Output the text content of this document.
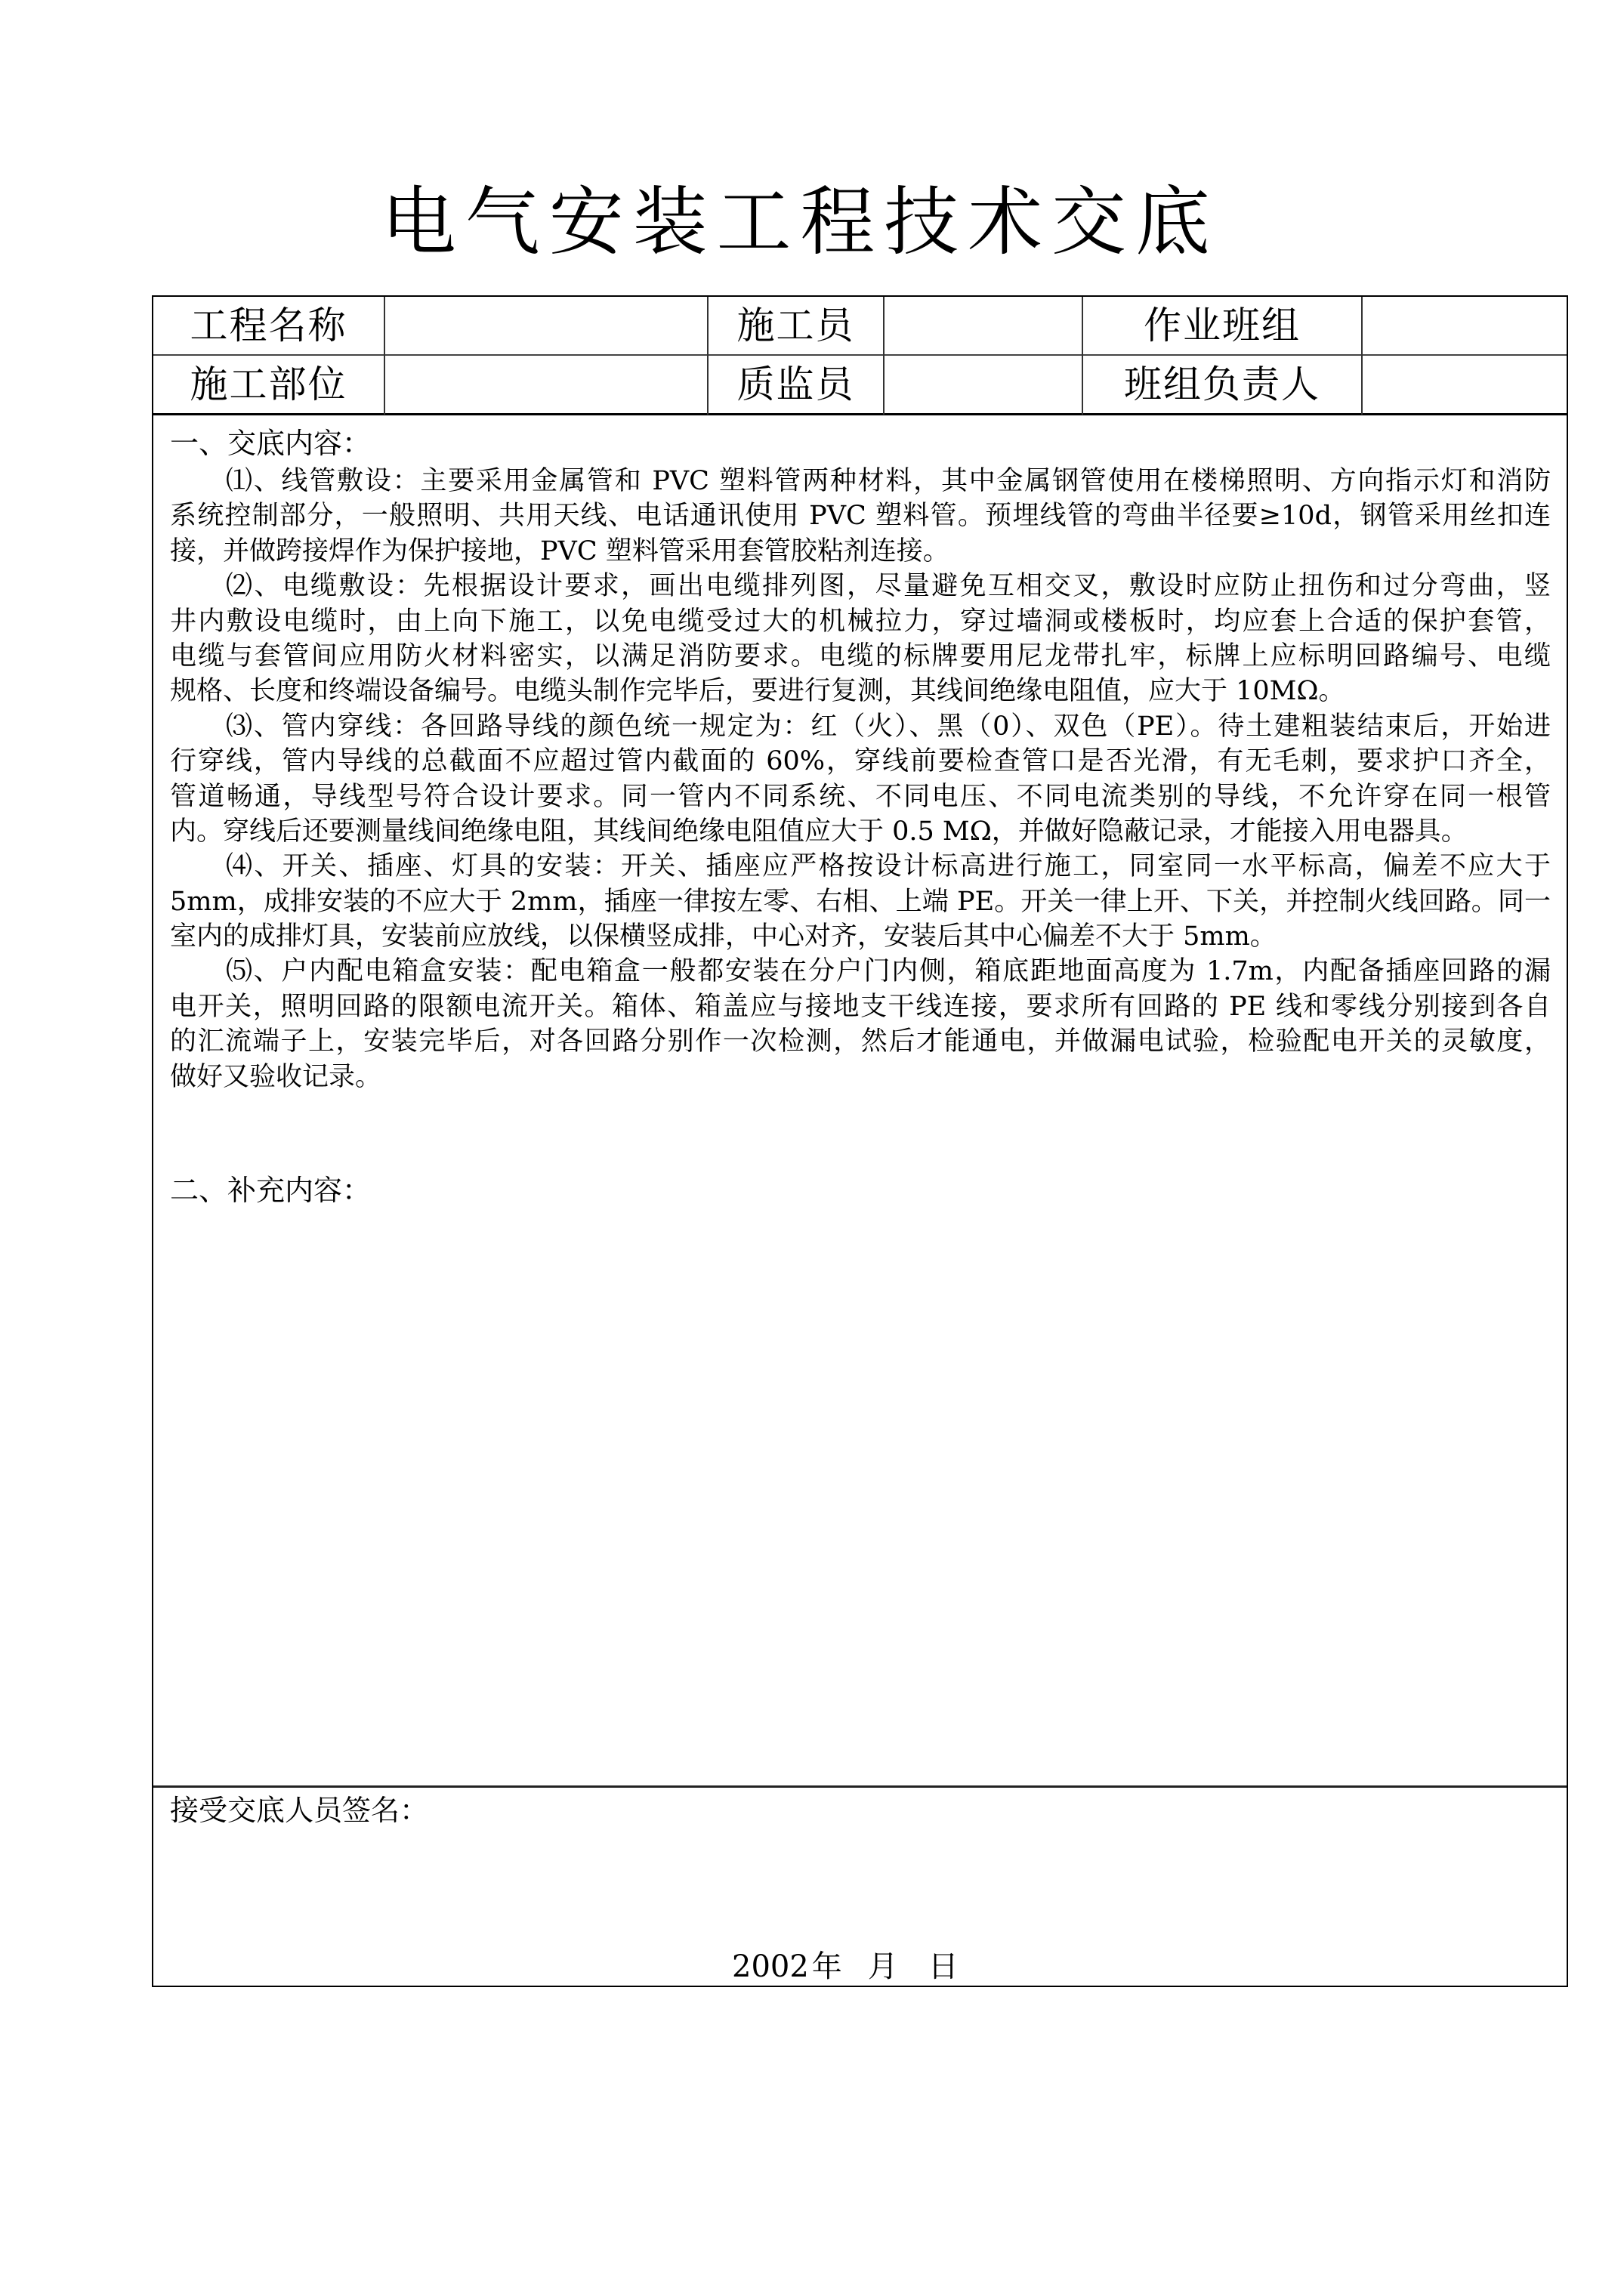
电气安装工程技术交底
工程名称	施工员	作业班组
施工部位	质监员	班组负责人
一、交底内容：
⑴、线管敷设：主要采用金属管和 PVC 塑料管两种材料，其中金属钢管使用在楼梯照明、方向指示灯和消防
系统控制部分，一般照明、共用天线、电话通讯使用 PVC 塑料管。预埋线管的弯曲半径要≥10d，钢管采用丝扣连
接，并做跨接焊作为保护接地，PVC 塑料管采用套管胶粘剂连接。
⑵、电缆敷设：先根据设计要求，画出电缆排列图，尽量避免互相交叉，敷设时应防止扭伤和过分弯曲，竖
井内敷设电缆时，由上向下施工，以免电缆受过大的机械拉力，穿过墙洞或楼板时，均应套上合适的保护套管，
电缆与套管间应用防火材料密实，以满足消防要求。电缆的标牌要用尼龙带扎牢，标牌上应标明回路编号、电缆
规格、长度和终端设备编号。电缆头制作完毕后，要进行复测，其线间绝缘电阻值，应大于 10MΩ。
⑶、管内穿线：各回路导线的颜色统一规定为：红（火）、黑（0）、双色（PE）。待土建粗装结束后，开始进
行穿线，管内导线的总截面不应超过管内截面的 60%，穿线前要检查管口是否光滑，有无毛刺，要求护口齐全，
管道畅通，导线型号符合设计要求。同一管内不同系统、不同电压、不同电流类别的导线，不允许穿在同一根管
内。穿线后还要测量线间绝缘电阻，其线间绝缘电阻值应大于 0.5 MΩ，并做好隐蔽记录，才能接入用电器具。
⑷、开关、插座、灯具的安装：开关、插座应严格按设计标高进行施工，同室同一水平标高，偏差不应大于
5mm，成排安装的不应大于 2mm，插座一律按左零、右相、上端 PE。开关一律上开、下关，并控制火线回路。同一
室内的成排灯具，安装前应放线，以保横竖成排，中心对齐，安装后其中心偏差不大于 5mm。
⑸、户内配电箱盒安装：配电箱盒一般都安装在分户门内侧，箱底距地面高度为 1.7m，内配备插座回路的漏
电开关，照明回路的限额电流开关。箱体、箱盖应与接地支干线连接，要求所有回路的 PE 线和零线分别接到各自
的汇流端子上，安装完毕后，对各回路分别作一次检测，然后才能通电，并做漏电试验，检验配电开关的灵敏度，
做好又验收记录。
二、补充内容：
接受交底人员签名：
2002 年 月 日
